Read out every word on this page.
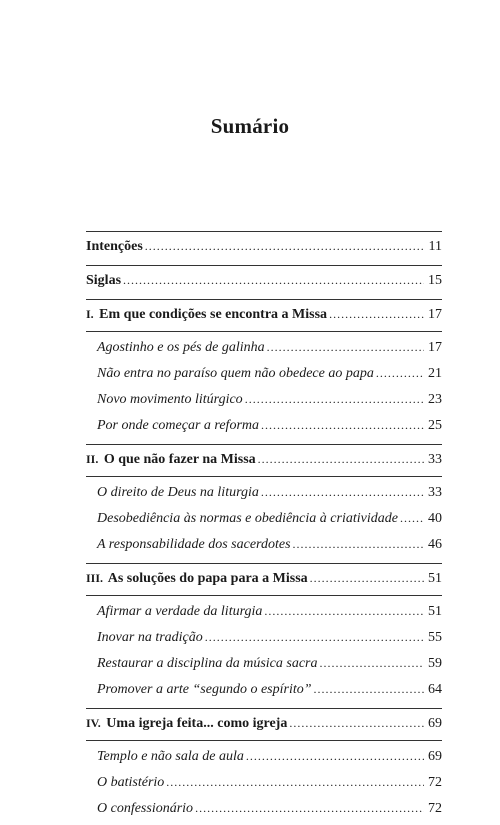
Sumário
Intenções .....	11
Siglas .....	15
I. Em que condições se encontra a Missa .....	17
Agostinho e os pés de galinha .....	17
Não entra no paraíso quem não obedece ao papa .....	21
Novo movimento litúrgico .....	23
Por onde começar a reforma .....	25
II. O que não fazer na Missa .....	33
O direito de Deus na liturgia .....	33
Desobediência às normas e obediência à criatividade ..... 40
A responsabilidade dos sacerdotes .....	46
III. As soluções do papa para a Missa .....	51
Afirmar a verdade da liturgia .....	51
Inovar na tradição .....	55
Restaurar a disciplina da música sacra .....	59
Promover a arte “segundo o espírito” .....	64
IV. Uma igreja feita... como igreja .....	69
Templo e não sala de aula .....	69
O batistério .....	72
O confessionário .....	72
